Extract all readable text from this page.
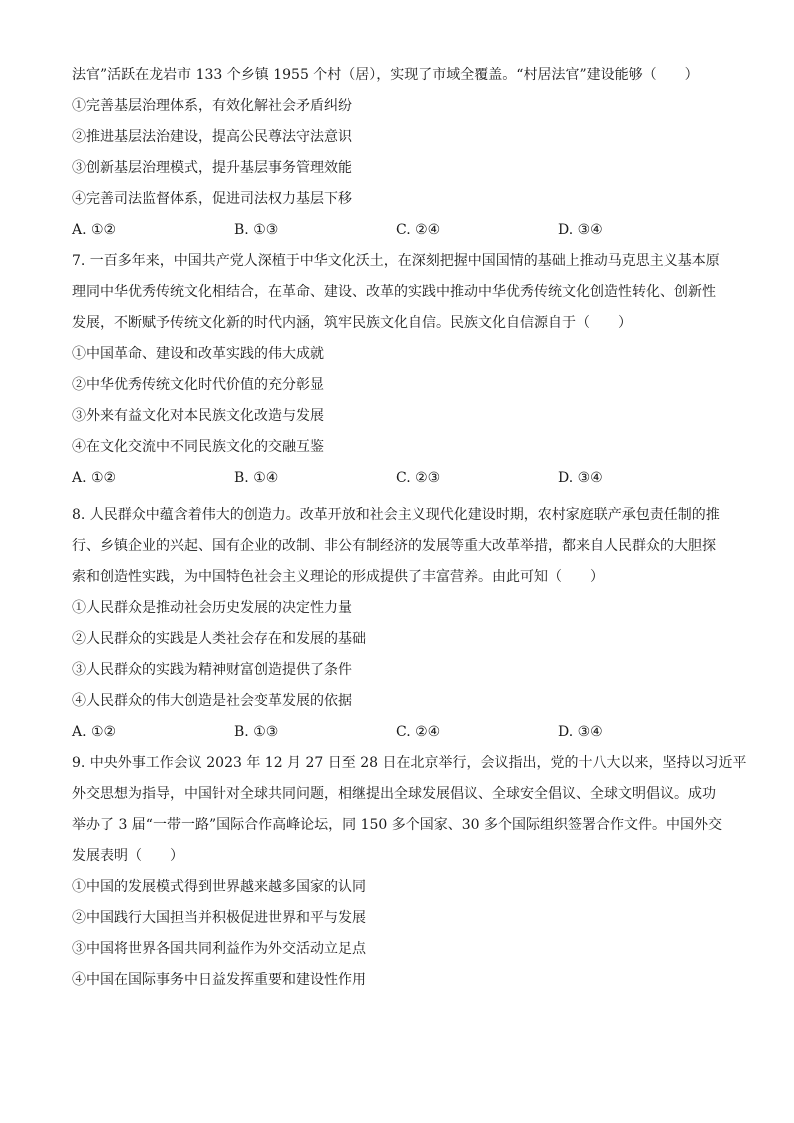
法官”活跃在龙岩市 133 个乡镇 1955 个村（居），实现了市域全覆盖。“村居法官”建设能够（　　）
①完善基层治理体系，有效化解社会矛盾纠纷
②推进基层法治建设，提高公民尊法守法意识
③创新基层治理模式，提升基层事务管理效能
④完善司法监督体系，促进司法权力基层下移
A. ①②	B. ①③	C. ②④	D. ③④
7. 一百多年来，中国共产党人深植于中华文化沃土，在深刻把握中国国情的基础上推动马克思主义基本原
理同中华优秀传统文化相结合，在革命、建设、改革的实践中推动中华优秀传统文化创造性转化、创新性
发展，不断赋予传统文化新的时代内涵，筑牢民族文化自信。民族文化自信源自于（　　）
①中国革命、建设和改革实践的伟大成就
②中华优秀传统文化时代价值的充分彰显
③外来有益文化对本民族文化改造与发展
④在文化交流中不同民族文化的交融互鉴
A. ①②	B. ①④	C. ②③	D. ③④
8. 人民群众中蕴含着伟大的创造力。改革开放和社会主义现代化建设时期，农村家庭联产承包责任制的推
行、乡镇企业的兴起、国有企业的改制、非公有制经济的发展等重大改革举措，都来自人民群众的大胆探
索和创造性实践，为中国特色社会主义理论的形成提供了丰富营养。由此可知（　　）
①人民群众是推动社会历史发展的决定性力量
②人民群众的实践是人类社会存在和发展的基础
③人民群众的实践为精神财富创造提供了条件
④人民群众的伟大创造是社会变革发展的依据
A. ①②	B. ①③	C. ②④	D. ③④
9. 中央外事工作会议 2023 年 12 月 27 日至 28 日在北京举行，会议指出，党的十八大以来，坚持以习近平
外交思想为指导，中国针对全球共同问题，相继提出全球发展倡议、全球安全倡议、全球文明倡议。成功
举办了 3 届“一带一路”国际合作高峰论坛，同 150 多个国家、30 多个国际组织签署合作文件。中国外交
发展表明（　　）
①中国的发展模式得到世界越来越多国家的认同
②中国践行大国担当并积极促进世界和平与发展
③中国将世界各国共同利益作为外交活动立足点
④中国在国际事务中日益发挥重要和建设性作用
